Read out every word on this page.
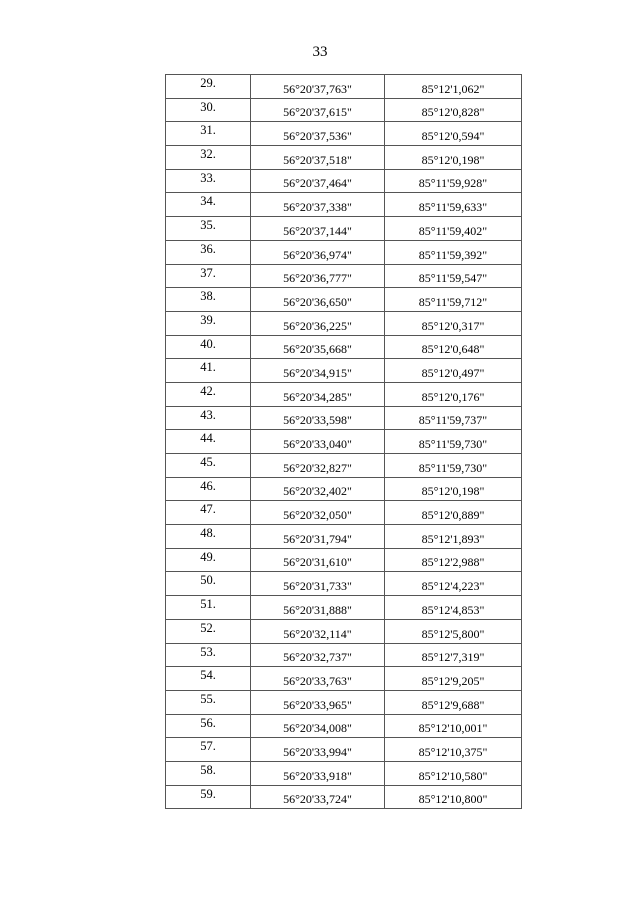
33
29.	56°20'37,763"	85°12'1,062"
30.	56°20'37,615"	85°12'0,828"
31.	56°20'37,536"	85°12'0,594"
32.	56°20'37,518"	85°12'0,198"
33.	56°20'37,464"	85°11'59,928"
34.	56°20'37,338"	85°11'59,633"
35.	56°20'37,144"	85°11'59,402"
36.	56°20'36,974"	85°11'59,392"
37.	56°20'36,777"	85°11'59,547"
38.	56°20'36,650"	85°11'59,712"
39.	56°20'36,225"	85°12'0,317"
40.	56°20'35,668"	85°12'0,648"
41.	56°20'34,915"	85°12'0,497"
42.	56°20'34,285"	85°12'0,176"
43.	56°20'33,598"	85°11'59,737"
44.	56°20'33,040"	85°11'59,730"
45.	56°20'32,827"	85°11'59,730"
46.	56°20'32,402"	85°12'0,198"
47.	56°20'32,050"	85°12'0,889"
48.	56°20'31,794"	85°12'1,893"
49.	56°20'31,610"	85°12'2,988"
50.	56°20'31,733"	85°12'4,223"
51.	56°20'31,888"	85°12'4,853"
52.	56°20'32,114"	85°12'5,800"
53.	56°20'32,737"	85°12'7,319"
54.	56°20'33,763"	85°12'9,205"
55.	56°20'33,965"	85°12'9,688"
56.	56°20'34,008"	85°12'10,001"
57.	56°20'33,994"	85°12'10,375"
58.	56°20'33,918"	85°12'10,580"
59.	56°20'33,724"	85°12'10,800"
